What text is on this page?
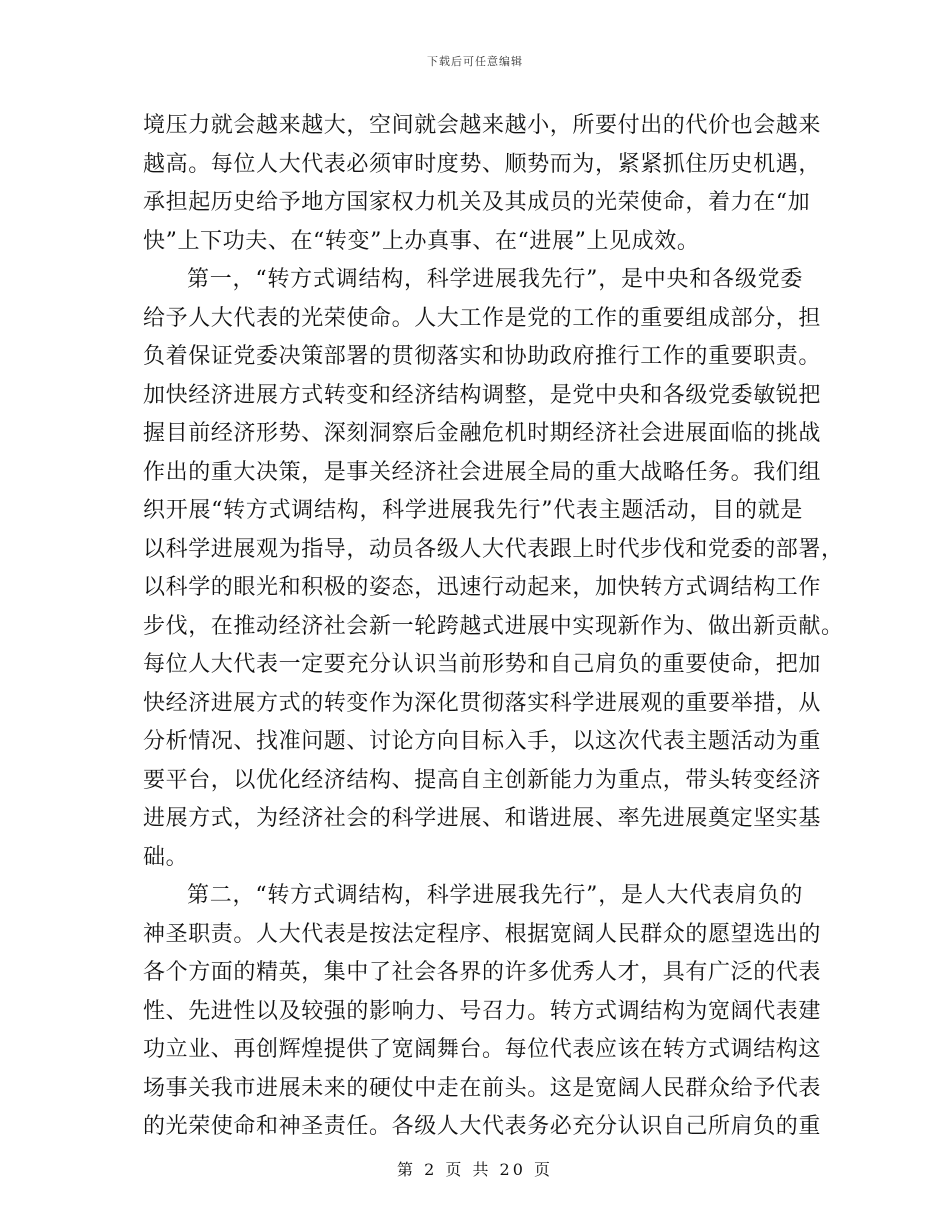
下载后可任意编辑
境压力就会越来越大，空间就会越来越小，所要付出的代价也会越来
越高。每位人大代表必须审时度势、顺势而为，紧紧抓住历史机遇，
承担起历史给予地方国家权力机关及其成员的光荣使命，着力在“加
快”上下功夫、在“转变”上办真事、在“进展”上见成效。
第一，“转方式调结构，科学进展我先行”，是中央和各级党委
给予人大代表的光荣使命。人大工作是党的工作的重要组成部分，担
负着保证党委决策部署的贯彻落实和协助政府推行工作的重要职责。
加快经济进展方式转变和经济结构调整，是党中央和各级党委敏锐把
握目前经济形势、深刻洞察后金融危机时期经济社会进展面临的挑战
作出的重大决策，是事关经济社会进展全局的重大战略任务。我们组
织开展“转方式调结构，科学进展我先行”代表主题活动，目的就是
以科学进展观为指导，动员各级人大代表跟上时代步伐和党委的部署，
以科学的眼光和积极的姿态，迅速行动起来，加快转方式调结构工作
步伐，在推动经济社会新一轮跨越式进展中实现新作为、做出新贡献。
每位人大代表一定要充分认识当前形势和自己肩负的重要使命，把加
快经济进展方式的转变作为深化贯彻落实科学进展观的重要举措，从
分析情况、找准问题、讨论方向目标入手，以这次代表主题活动为重
要平台，以优化经济结构、提高自主创新能力为重点，带头转变经济
进展方式，为经济社会的科学进展、和谐进展、率先进展奠定坚实基
础。
第二，“转方式调结构，科学进展我先行”，是人大代表肩负的
神圣职责。人大代表是按法定程序、根据宽阔人民群众的愿望选出的
各个方面的精英，集中了社会各界的许多优秀人才，具有广泛的代表
性、先进性以及较强的影响力、号召力。转方式调结构为宽阔代表建
功立业、再创辉煌提供了宽阔舞台。每位代表应该在转方式调结构这
场事关我市进展未来的硬仗中走在前头。这是宽阔人民群众给予代表
的光荣使命和神圣责任。各级人大代表务必充分认识自己所肩负的重
第 2 页 共 20 页
